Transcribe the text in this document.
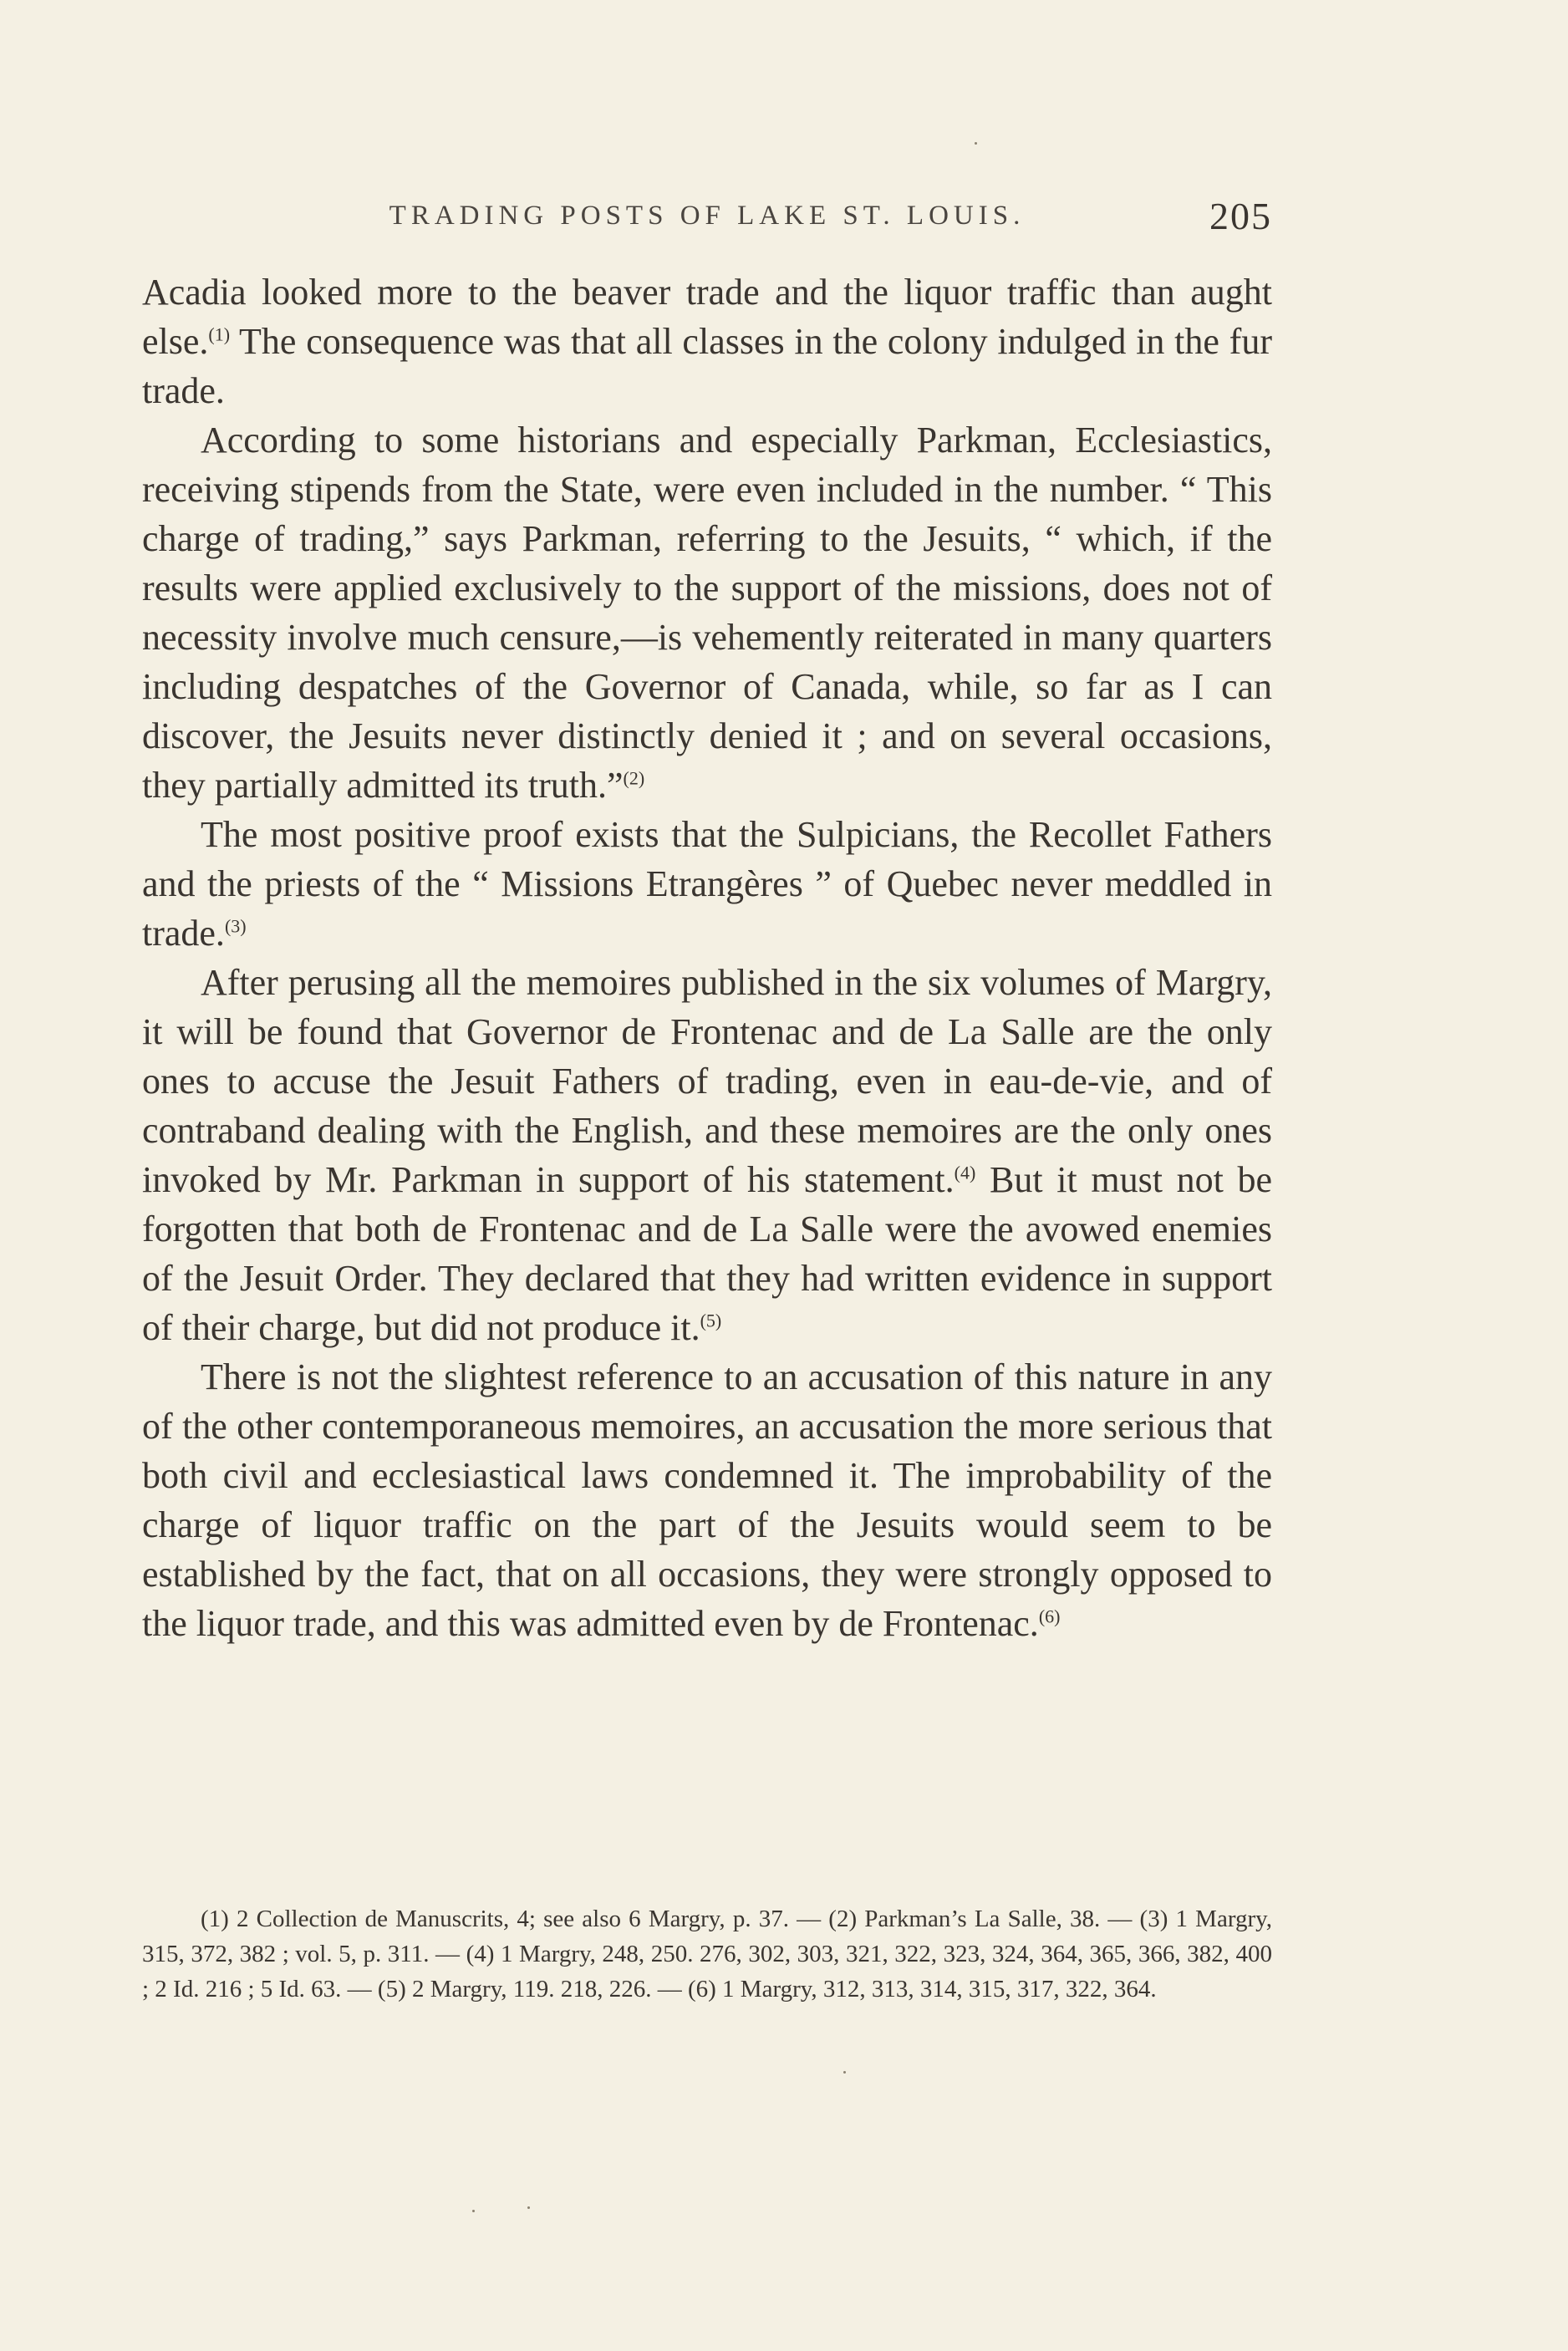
TRADING POSTS OF LAKE ST. LOUIS.	205

Acadia looked more to the beaver trade and the liquor traffic than aught else.$^{(1)}$ The consequence was that all classes in the colony indulged in the fur trade.

According to some historians and especially Parkman, Ecclesiastics, receiving stipends from the State, were even included in the number. “ This charge of trading,” says Parkman, referring to the Jesuits, “ which, if the results were applied exclusively to the support of the missions, does not of necessity involve much censure,—is vehemently reiterated in many quarters including despatches of the Governor of Canada, while, so far as I can discover, the Jesuits never distinctly denied it ; and on several occasions, they partially admitted its truth.”$^{(2)}$

The most positive proof exists that the Sulpicians, the Recollet Fathers and the priests of the “ Missions Etrangères ” of Quebec never meddled in trade.$^{(3)}$

After perusing all the memoires published in the six volumes of Margry, it will be found that Governor de Frontenac and de La Salle are the only ones to accuse the Jesuit Fathers of trading, even in eau-de-vie, and of contraband dealing with the English, and these memoires are the only ones invoked by Mr. Parkman in support of his statement.$^{(4)}$ But it must not be forgotten that both de Frontenac and de La Salle were the avowed enemies of the Jesuit Order. They declared that they had written evidence in support of their charge, but did not produce it.$^{(5)}$

There is not the slightest reference to an accusation of this nature in any of the other contemporaneous memoires, an accusation the more serious that both civil and ecclesiastical laws condemned it. The improbability of the charge of liquor traffic on the part of the Jesuits would seem to be established by the fact, that on all occasions, they were strongly opposed to the liquor trade, and this was admitted even by de Frontenac.$^{(6)}$

(1) 2 Collection de Manuscrits, 4; see also 6 Margry, p. 37. — (2) Parkman’s La Salle, 38. — (3) 1 Margry, 315, 372, 382 ; vol. 5, p. 311. — (4) 1 Margry, 248, 250. 276, 302, 303, 321, 322, 323, 324, 364, 365, 366, 382, 400 ; 2 Id. 216 ; 5 Id. 63. — (5) 2 Margry, 119. 218, 226. — (6) 1 Margry, 312, 313, 314, 315, 317, 322, 364.
